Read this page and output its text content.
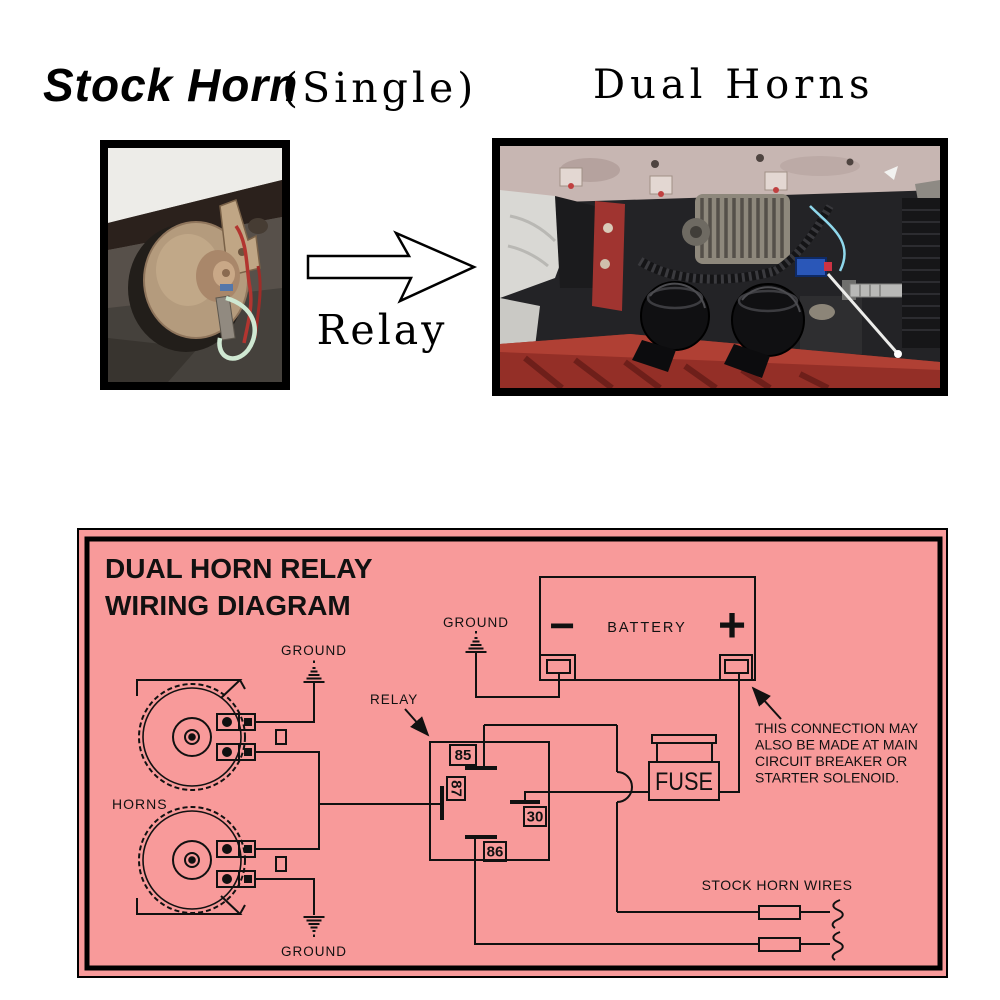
Stock Horn
(Single)	Dual Horns
Relay
DUAL HORN RELAY
WIRING DIAGRAM
HORNS
GROUND
GROUND
GROUND
85
87
30
86
RELAY
BATTERY
−	+
FUSE
THIS CONNECTION MAY
ALSO BE MADE AT MAIN
CIRCUIT BREAKER OR
STARTER SOLENOID.
STOCK HORN WIRES
